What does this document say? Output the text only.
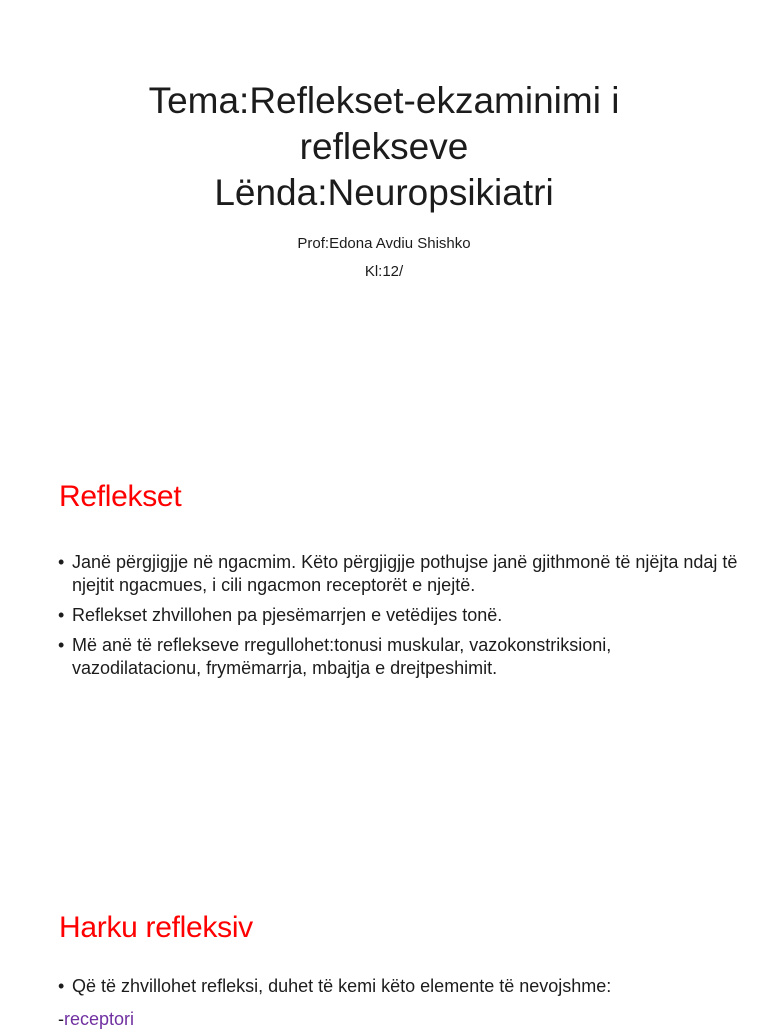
Tema:Reflekset-ekzaminimi i
reflekseve
Lënda:Neuropsikiatri
Prof:Edona Avdiu Shishko
Kl:12/
Reflekset
• Janë përgjigjje në ngacmim. Këto përgjigjje pothujse janë gjithmonë të njëjta ndaj të njejtit ngacmues, i cili ngacmon receptorët e njejtë.
• Reflekset zhvillohen pa pjesëmarrjen e vetëdijes tonë.
• Më anë të reflekseve rregullohet:tonusi muskular, vazokonstriksioni, vazodilatacionu, frymëmarrja, mbajtja e drejtpeshimit.
Harku refleksiv
• Që të zhvillohet refleksi, duhet të kemi këto elemente të nevojshme:

-receptori
